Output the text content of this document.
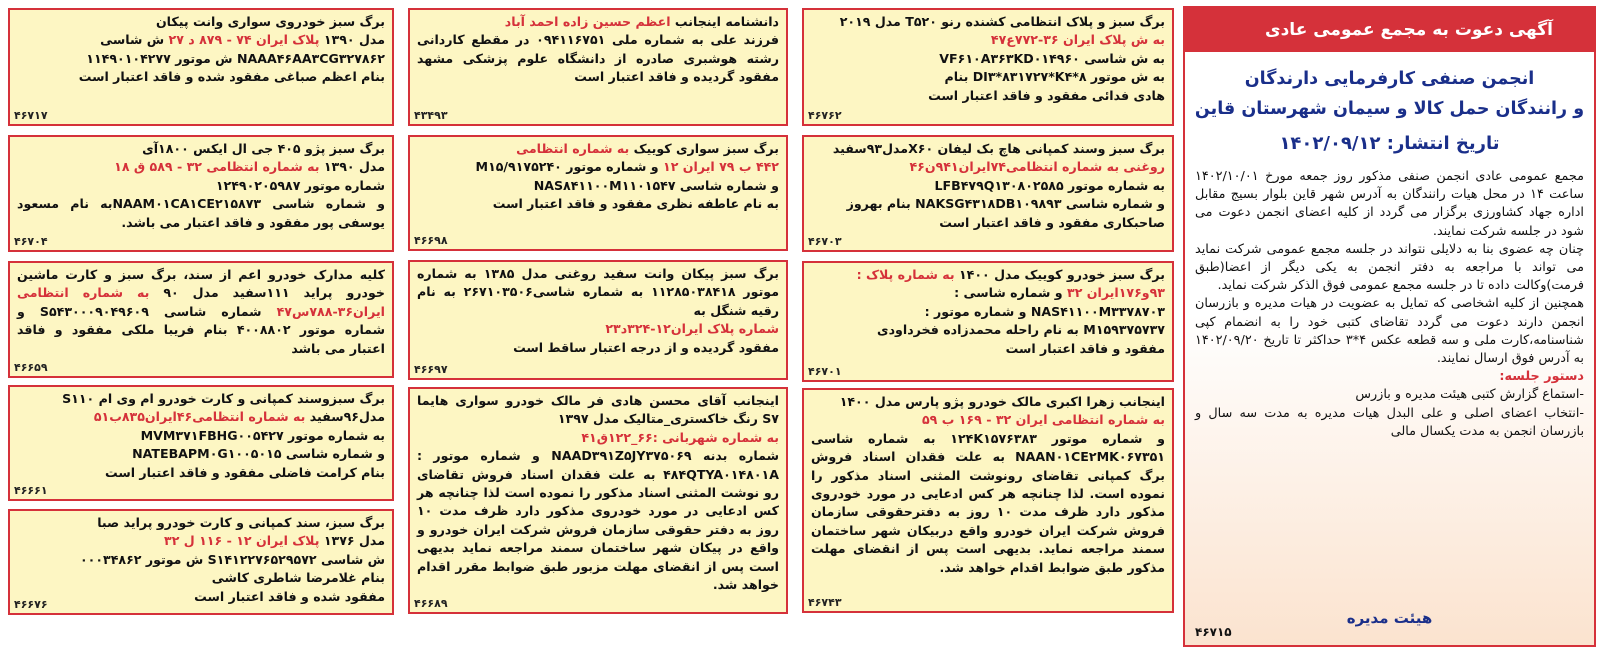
آگهی دعوت به مجمع عمومی عادی
انجمن صنفی کارفرمایی دارندگان
و رانندگان حمل کالا و سیمان شهرستان قاین
تاریخ انتشار: ۱۴۰۲/۰۹/۱۲
مجمع عمومی عادی انجمن صنفی مذکور روز جمعه مورخ ۱۴۰۲/۱۰/۰۱ ساعت ۱۴ در محل هیات رانندگان به آدرس شهر قاین بلوار بسیج مقابل اداره جهاد کشاورزی برگزار می گردد از کلیه اعضای انجمن دعوت می شود در جلسه شرکت نمایند.
چنان چه عضوی بنا به دلایلی نتواند در جلسه مجمع عمومی شرکت نماید می تواند با مراجعه به دفتر انجمن به یکی دیگر از اعضا(طبق فرمت)وکالت داده تا در جلسه مجمع عمومی فوق الذکر شرکت نماید.
همچنین از کلیه اشخاصی که تمایل به عضویت در هیات مدیره و بازرسان انجمن دارند دعوت می گردد تقاضای کتبی خود را به انضمام کپی شناسنامه،کارت ملی و سه قطعه عکس ۴*۳ حداکثر تا تاریخ ۱۴۰۲/۰۹/۲۰ به آدرس فوق ارسال نمایند.
دستور جلسه:
-استماع گزارش کتبی هیئت مدیره و بازرس
-انتخاب اعضای اصلی و علی البدل هیات مدیره به مدت سه سال و بازرسان انجمن به مدت یکسال مالی
هیئت مدیره
۴۶۷۱۵
برگ سبز و پلاک انتظامی کشنده رنو T۵۲۰ مدل ۲۰۱۹
به ش پلاک ایران ۳۶-۷۷۲ع۴۷
به ش شاسی VF۶۱۰A۳۶۳KD۰۱۴۹۶۰
به ش موتور DI۳*۸۳۱۷۲۷*K۴*۸ بنام
هادی فدائی مفقود و فاقد اعتبار است
۴۶۷۶۲
برگ سبز وسند کمپانی هاچ بک لیفان X۶۰مدل۹۳سفید
روغنی به شماره انتظامی۷۴ایران۹۴۱ن۴۶
به شماره موتور LFB۴۷۹Q۱۳۰۸۰۲۵۸۵
و شماره شاسی NAKSG۴۳۱۸DB۱۰۹۸۹۳ بنام بهروز
صاحبکاری مفقود و فاقد اعتبار است
۴۶۷۰۳
برگ سبز خودرو کوییک مدل ۱۴۰۰ به شماره پلاک :
۹۳و۱۷۶ایران ۳۲ و شماره شاسی :
NAS۴۱۱۰۰M۳۳۷۸۷۰۳ و شماره موتور :
M۱۵۹۳۷۵۷۳۷ به نام راحله محمدزاده فخرداودی
مفقود و فاقد اعتبار است
۴۶۷۰۱
اینجانب زهرا اکبری مالک خودرو پژو پارس مدل ۱۴۰۰
به شماره انتظامی ایران ۳۲ - ۱۶۹ ب ۵۹
و شماره موتور ۱۲۴K۱۵۷۶۳۸۳ به شماره شاسی NAAN۰۱CE۲MK۰۶۷۳۵۱ به علت فقدان اسناد فروش برگ کمپانی تقاضای رونوشت المثنی اسناد مذکور را نموده است. لذا چنانچه هر کس ادعایی در مورد خودروی مذکور دارد ظرف مدت ۱۰ روز به دفترحقوقی سازمان فروش شرکت ایران خودرو واقع دربیکان شهر ساختمان سمند مراجعه نماید. بدیهی است پس از انقضای مهلت مذکور طبق ضوابط اقدام خواهد شد.
۴۶۷۴۳
دانشنامه اینجانب اعظم حسین زاده احمد آباد
فرزند علی به شماره ملی ۰۹۴۱۱۶۷۵۱ در مقطع کاردانی رشته هوشبری صادره از دانشگاه علوم پزشکی مشهد مفقود گردیده و فاقد اعتبار است
۴۳۴۹۳
برگ سبز سواری کوییک به شماره انتظامی
۴۴۲ ب ۷۹ ایران ۱۲ و شماره موتور M۱۵/۹۱۷۵۲۴۰
و شماره شاسی NAS۸۴۱۱۰۰M۱۱۰۱۵۴۷
به نام عاطفه نظری مفقود و فاقد اعتبار است
۴۶۶۹۸
برگ سبز پیکان وانت سفید روغنی مدل ۱۳۸۵ به شماره موتور ۱۱۲۸۵۰۳۸۴۱۸ به شماره شاسی۲۶۷۱۰۳۵۰۶ به نام رقیه شنگل به
شماره پلاک ایران۱۲-۳۲۴د۲۳
مفقود گردیده و از درجه اعتبار ساقط است
۴۶۶۹۷
اینجانب آقای محسن هادی فر مالک خودرو سواری هایما S۷ رنگ خاکستری_متالیک مدل ۱۳۹۷
به شماره شهربانی :۶۶_۱۲۲ق۴۱
شماره بدنه NAAD۳۹۱Z۵JY۳۷۵۰۶۹ و شماره موتور : ۴۸۴QTYA۰۱۴۸۰۱A به علت فقدان اسناد فروش تقاضای رو نوشت المثنی اسناد مذکور را نموده است لذا چنانچه هر کس ادعایی در مورد خودروی مذکور دارد ظرف مدت ۱۰ روز به دفتر حقوقی سازمان فروش شرکت ایران خودرو و واقع در پیکان شهر ساختمان سمند مراجعه نماید بدیهی است پس از انقضای مهلت مزبور طبق ضوابط مقرر اقدام خواهد شد.
۴۶۶۸۹
برگ سبز خودروی سواری وانت پیکان
مدل ۱۳۹۰ پلاک ایران ۷۴ - ۸۷۹ د ۲۷ ش شاسی
NAAA۴۶AA۳CG۳۲۷۸۶۲ ش موتور ۱۱۴۹۰۱۰۴۲۷۷
بنام اعظم صباغی مفقود شده و فاقد اعتبار است
۴۶۷۱۷
برگ سبز پژو ۴۰۵ جی ال ایکس ۱۸۰۰آی
مدل ۱۳۹۰ به شماره انتظامی ۳۲ - ۵۸۹ ق ۱۸
شماره موتور ۱۲۴۹۰۲۰۵۹۸۷
و شماره شاسی NAAM۰۱CA۱CE۲۱۵۸۷۳به نام مسعود یوسفی پور مفقود و فاقد اعتبار می باشد.
۴۶۷۰۴
کلیه مدارک خودرو اعم از سند، برگ سبز و کارت ماشین خودرو پراید ۱۱۱سفید مدل ۹۰ به شماره انتظامی ایران۳۶-۷۸۸س۴۷ شماره شاسی S۵۴۳۰۰۰۹۰۴۹۶۰۹ و شماره موتور ۴۰۰۸۸۰۲ بنام فریبا ملکی مفقود و فاقد اعتبار می باشد
۴۶۶۵۹
برگ سبزوسند کمپانی و کارت خودرو ام وی ام S۱۱۰
مدل۹۶سفید به شماره انتظامی۴۶ایران۸۳۵ب۵۱
به شماره موتور MVM۳۷۱FBHG۰۰۵۴۲۷
و شماره شاسی NATEBAPM۰G۱۰۰۵۰۱۵
بنام کرامت فاضلی مفقود و فاقد اعتبار است
۴۶۶۶۱
برگ سبز، سند کمپانی و کارت خودرو پراید صبا
مدل ۱۳۷۶ پلاک ایران ۱۲ - ۱۱۶ ل ۳۲
ش شاسی S۱۴۱۲۲۷۶۵۲۹۵۷۲ ش موتور ۰۰۰۳۴۸۶۲
بنام غلامرضا شاطری کاشی
مفقود شده و فاقد اعتبار است
۴۶۶۷۶
